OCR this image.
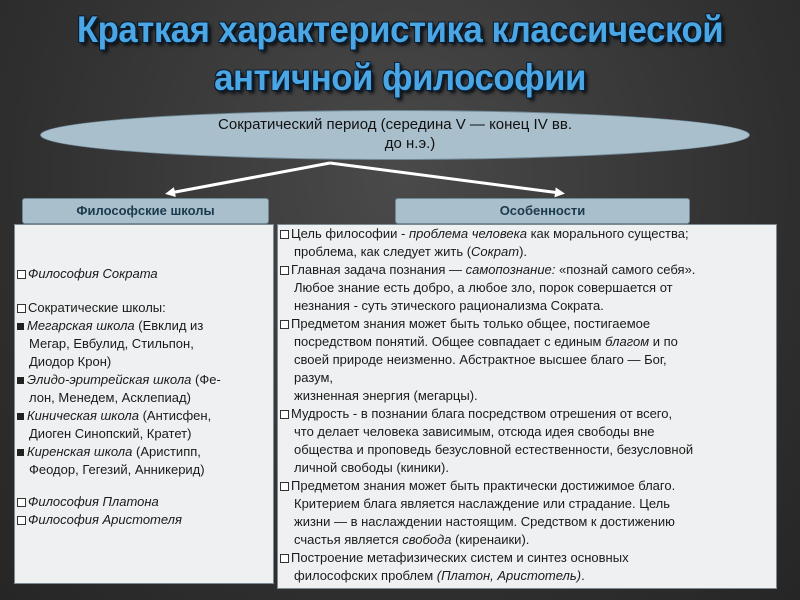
Краткая характеристика классической
античной философии
Сократический период (середина V — конец IV вв.
до н.э.)
Философские школы	Особенности
Философия Сократа
Сократические школы:
Мегарская школа (Евклид из
Мегар, Евбулид, Стильпон,
Диодор Крон)
Элидо-эритрейская школа (Фе-
лон, Менедем, Асклепиад)
Киническая школа (Антисфен,
Диоген Синопский, Кратет)
Киренская школа (Аристипп,
Феодор, Гегезий, Анникерид)
Философия Платона
Философия Аристотеля
Цель философии - проблема человека как морального существа;
проблема, как следует жить (Сократ).
Главная задача познания — самопознание: «познай самого себя».
Любое знание есть добро, а любое зло, порок совершается от
незнания - суть этического рационализма Сократа.
Предметом знания может быть только общее, постигаемое
посредством понятий. Общее совпадает с единым благом и по
своей природе неизменно. Абстрактное высшее благо — Бог,
разум,
жизненная энергия (мегарцы).
Мудрость - в познании блага посредством отрешения от всего,
что делает человека зависимым, отсюда идея свободы вне
общества и проповедь безусловной естественности, безусловной
личной свободы (киники).
Предметом знания может быть практически достижимое благо.
Критерием блага является наслаждение или страдание. Цель
жизни — в наслаждении настоящим. Средством к достижению
счастья является свобода (киренаики).
Построение метафизических систем и синтез основных
философских проблем (Платон, Аристотель).
